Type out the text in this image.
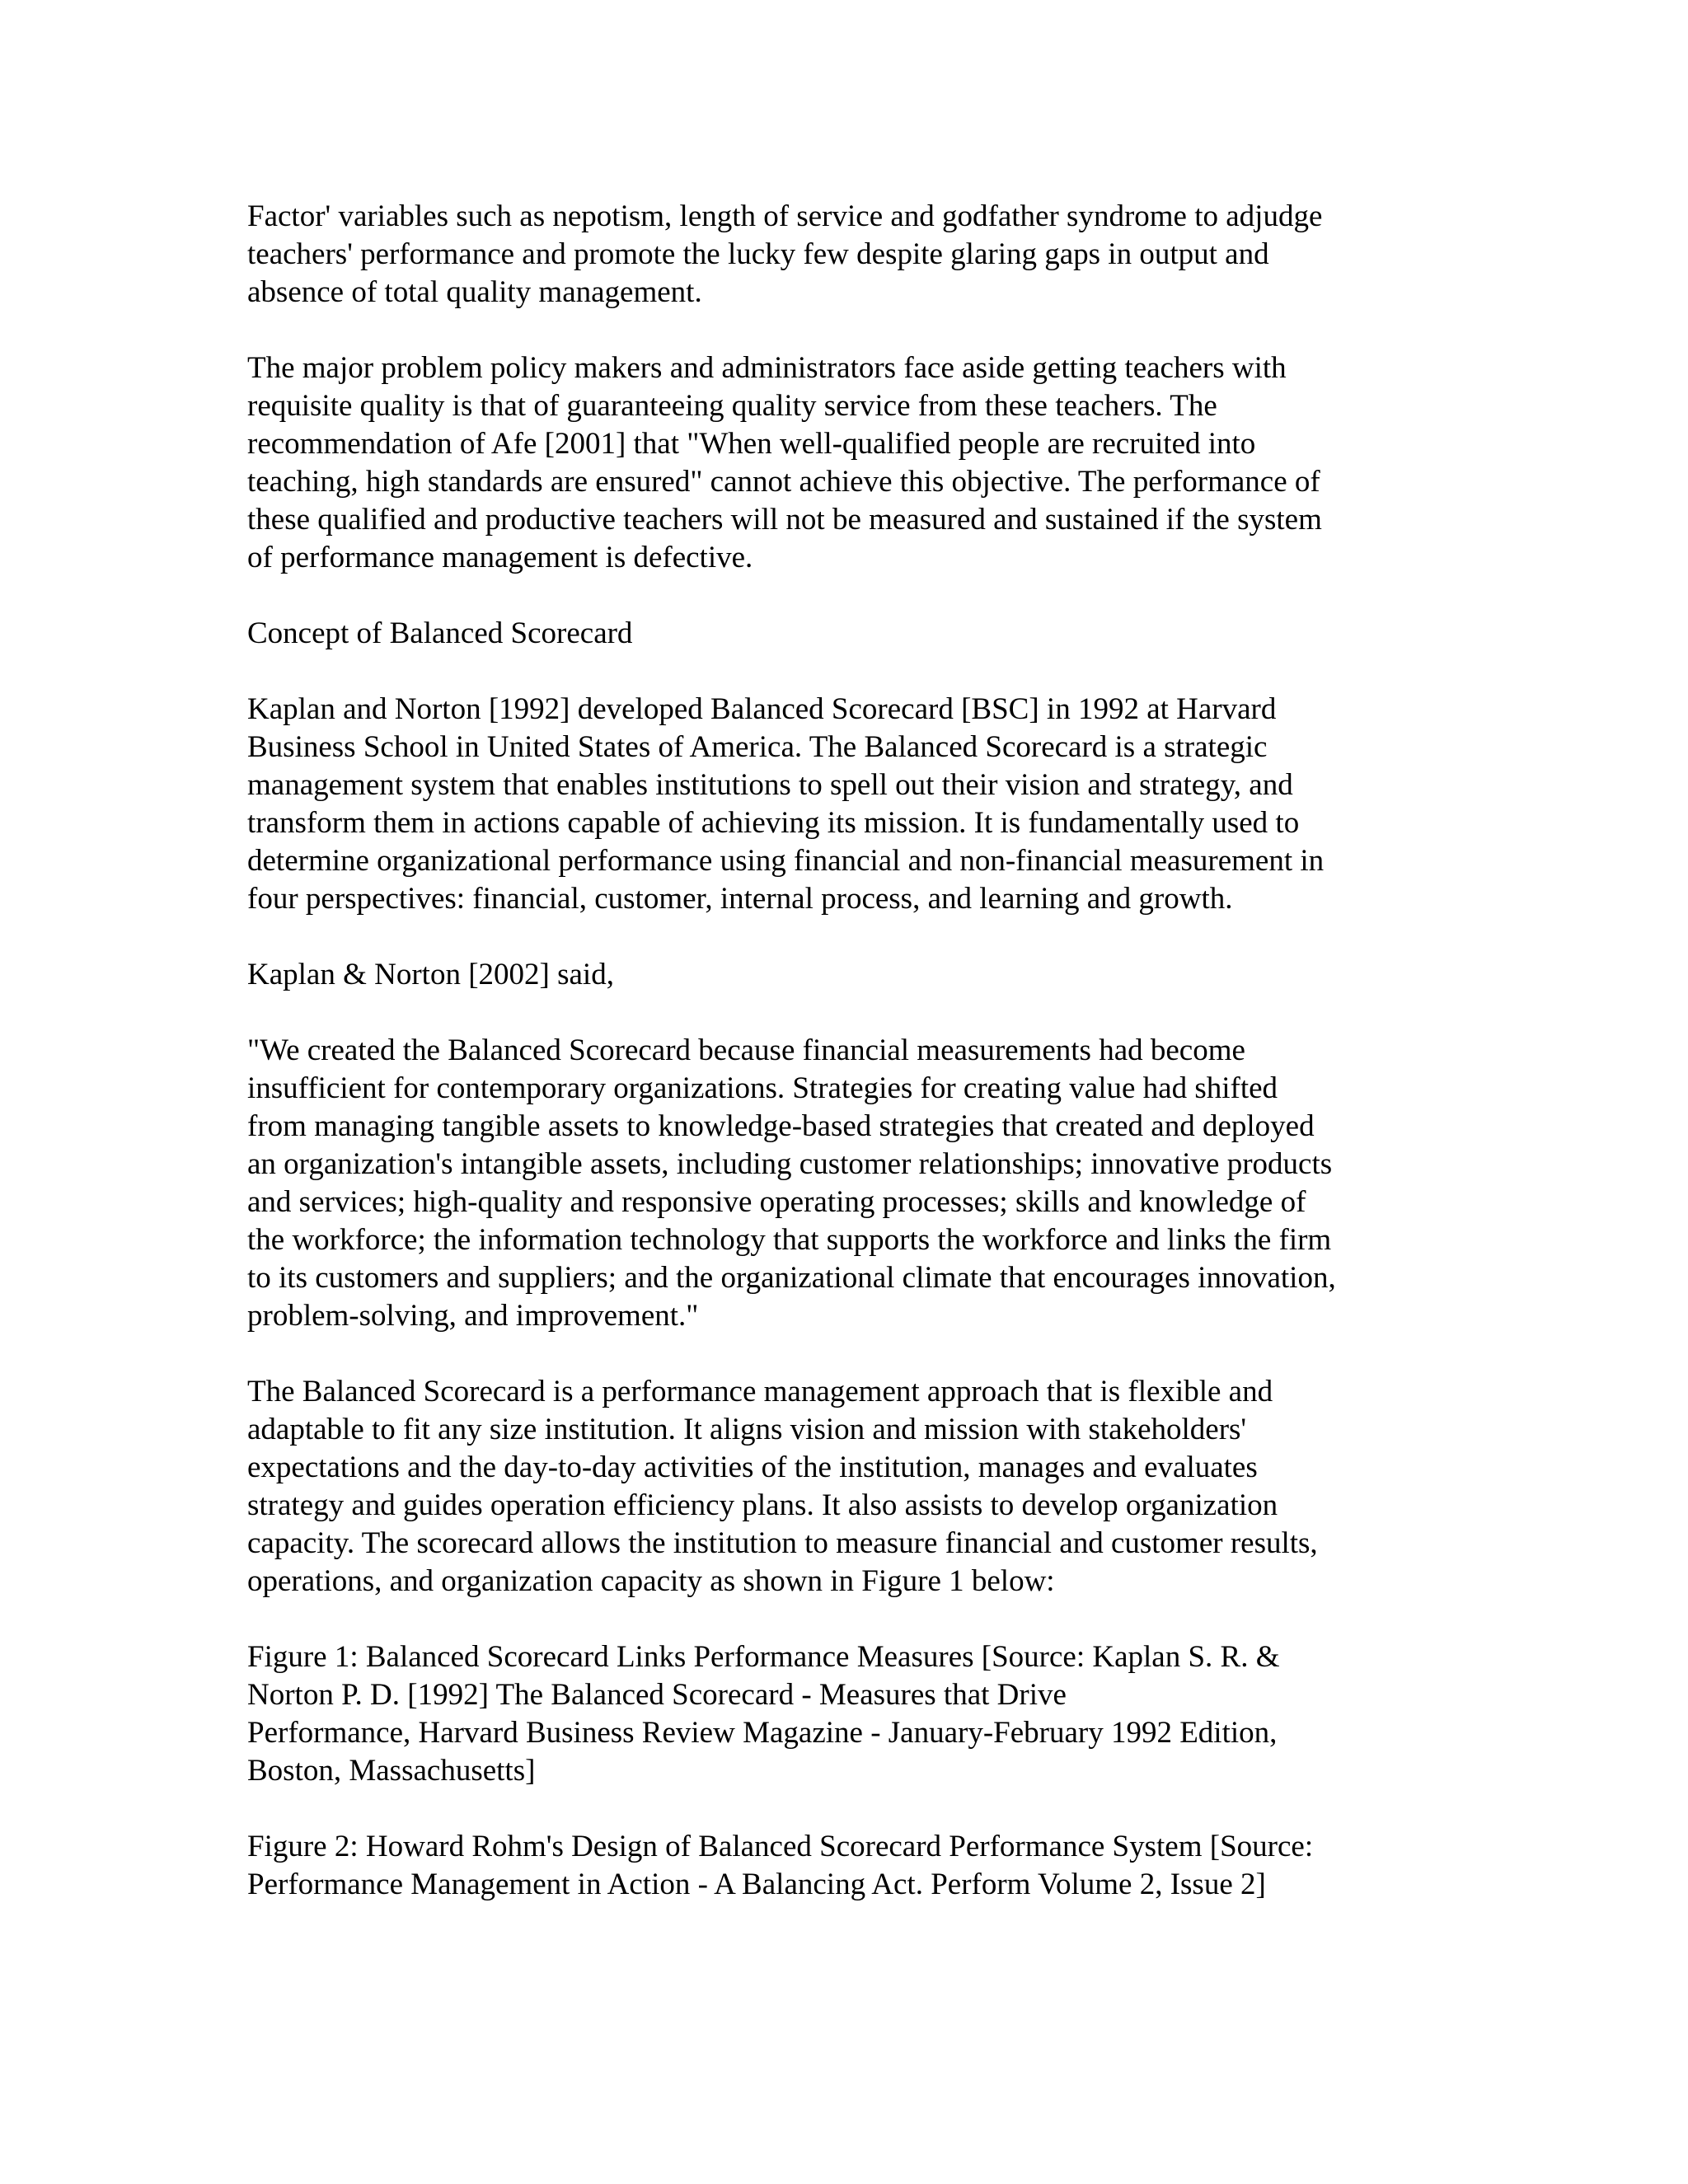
Factor' variables such as nepotism, length of service and godfather syndrome to adjudge
teachers' performance and promote the lucky few despite glaring gaps in output and
absence of total quality management.
The major problem policy makers and administrators face aside getting teachers with
requisite quality is that of guaranteeing quality service from these teachers. The
recommendation of Afe [2001] that "When well-qualified people are recruited into
teaching, high standards are ensured" cannot achieve this objective. The performance of
these qualified and productive teachers will not be measured and sustained if the system
of performance management is defective.
Concept of Balanced Scorecard
Kaplan and Norton [1992] developed Balanced Scorecard [BSC] in 1992 at Harvard
Business School in United States of America. The Balanced Scorecard is a strategic
management system that enables institutions to spell out their vision and strategy, and
transform them in actions capable of achieving its mission. It is fundamentally used to
determine organizational performance using financial and non-financial measurement in
four perspectives: financial, customer, internal process, and learning and growth.
Kaplan & Norton [2002] said,
"We created the Balanced Scorecard because financial measurements had become
insufficient for contemporary organizations. Strategies for creating value had shifted
from managing tangible assets to knowledge-based strategies that created and deployed
an organization's intangible assets, including customer relationships; innovative products
and services; high-quality and responsive operating processes; skills and knowledge of
the workforce; the information technology that supports the workforce and links the firm
to its customers and suppliers; and the organizational climate that encourages innovation,
problem-solving, and improvement."
The Balanced Scorecard is a performance management approach that is flexible and
adaptable to fit any size institution. It aligns vision and mission with stakeholders'
expectations and the day-to-day activities of the institution, manages and evaluates
strategy and guides operation efficiency plans. It also assists to develop organization
capacity. The scorecard allows the institution to measure financial and customer results,
operations, and organization capacity as shown in Figure 1 below:
Figure 1: Balanced Scorecard Links Performance Measures [Source: Kaplan S. R. &
Norton P. D. [1992] The Balanced Scorecard - Measures that Drive
Performance, Harvard Business Review Magazine - January-February 1992 Edition,
Boston, Massachusetts]
Figure 2: Howard Rohm's Design of Balanced Scorecard Performance System [Source:
Performance Management in Action - A Balancing Act. Perform Volume 2, Issue 2]
